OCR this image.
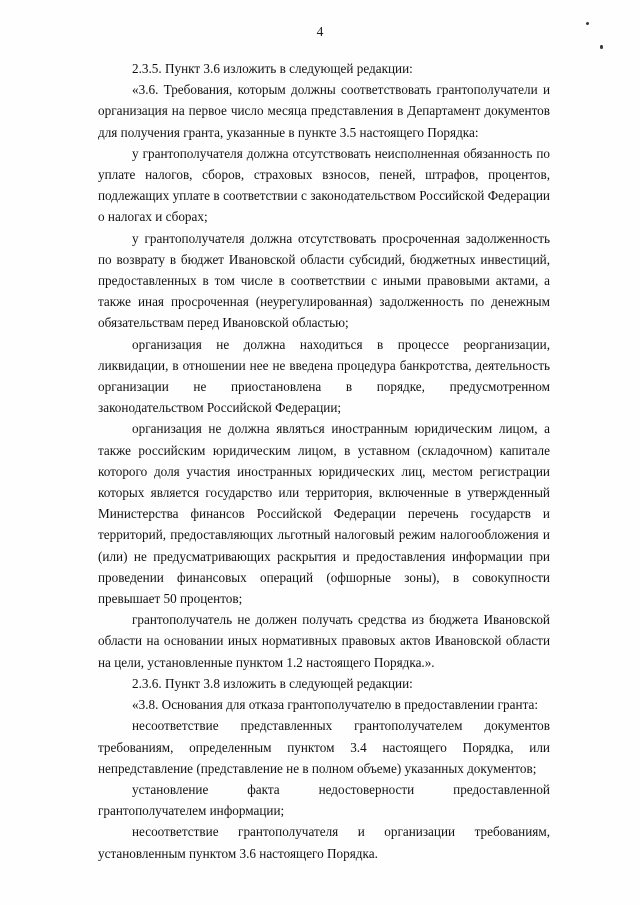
4

2.3.5. Пункт 3.6 изложить в следующей редакции:

«3.6. Требования, которым должны соответствовать грантополучатели и организация на первое число месяца представления в Департамент документов для получения гранта, указанные в пункте 3.5 настоящего Порядка:

у грантополучателя должна отсутствовать неисполненная обязанность по уплате налогов, сборов, страховых взносов, пеней, штрафов, процентов, подлежащих уплате в соответствии с законодательством Российской Федерации о налогах и сборах;

у грантополучателя должна отсутствовать просроченная задолженность по возврату в бюджет Ивановской области субсидий, бюджетных инвестиций, предоставленных в том числе в соответствии с иными правовыми актами, а также иная просроченная (неурегулированная) задолженность по денежным обязательствам перед Ивановской областью;

организация не должна находиться в процессе реорганизации, ликвидации, в отношении нее не введена процедура банкротства, деятельность организации не приостановлена в порядке, предусмотренном законодательством Российской Федерации;

организация не должна являться иностранным юридическим лицом, а также российским юридическим лицом, в уставном (складочном) капитале которого доля участия иностранных юридических лиц, местом регистрации которых является государство или территория, включенные в утвержденный Министерства финансов Российской Федерации перечень государств и территорий, предоставляющих льготный налоговый режим налогообложения и (или) не предусматривающих раскрытия и предоставления информации при проведении финансовых операций (офшорные зоны), в совокупности превышает 50 процентов;

грантополучатель не должен получать средства из бюджета Ивановской области на основании иных нормативных правовых актов Ивановской области на цели, установленные пунктом 1.2 настоящего Порядка.».

2.3.6. Пункт 3.8 изложить в следующей редакции:

«3.8. Основания для отказа грантополучателю в предоставлении гранта:

несоответствие представленных грантополучателем документов требованиям, определенным пунктом 3.4 настоящего Порядка, или непредставление (представление не в полном объеме) указанных документов;

установление факта недостоверности предоставленной грантополучателем информации;

несоответствие грантополучателя и организации требованиям, установленным пунктом 3.6 настоящего Порядка.
